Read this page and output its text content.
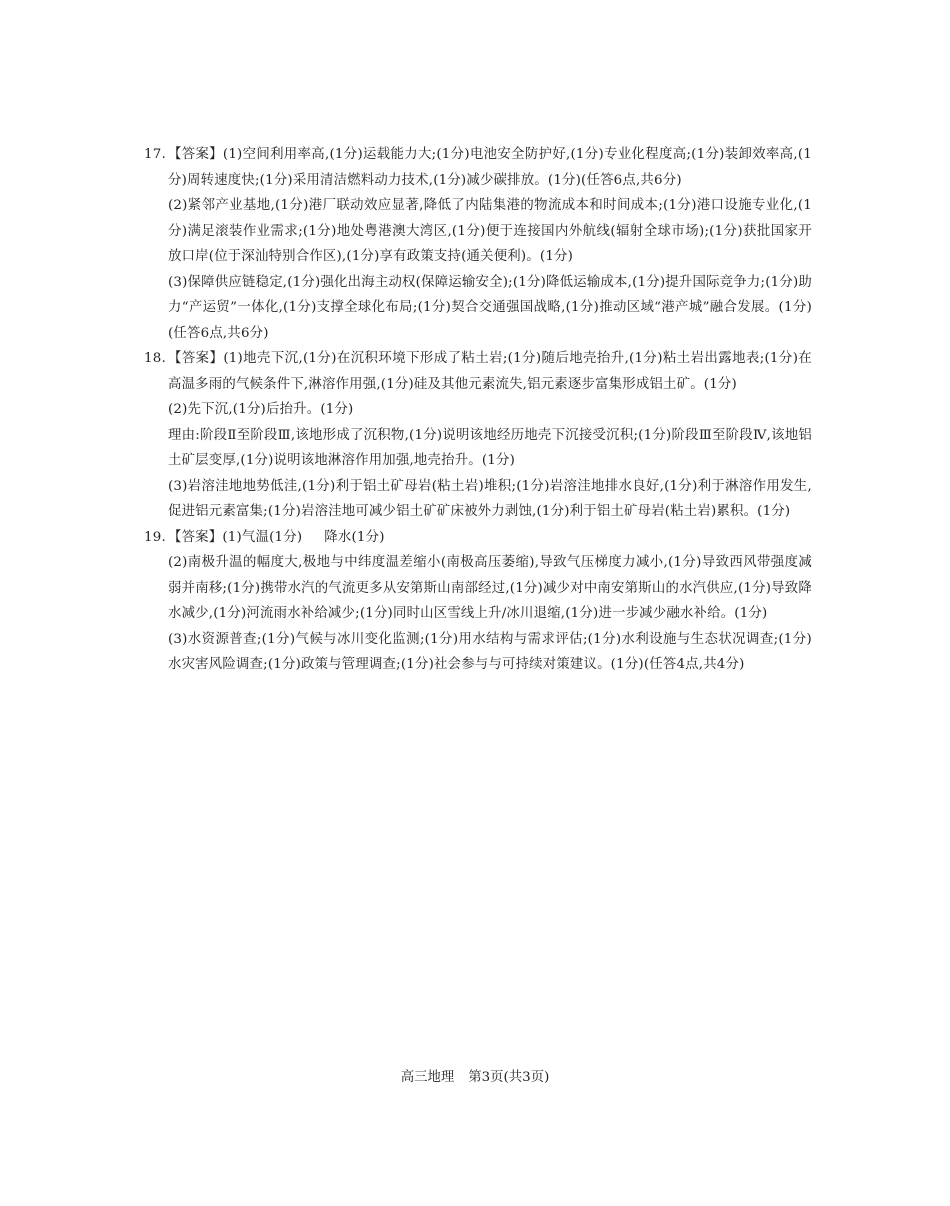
17. 【答案】(1)空间利用率高,(1分)运载能力大;(1分)电池安全防护好,(1分)专业化程度高;(1分)装卸效率高,(1分)周转速度快;(1分)采用清洁燃料动力技术,(1分)减少碳排放。(1分)(任答6点,共6分)
(2)紧邻产业基地,(1分)港厂联动效应显著,降低了内陆集港的物流成本和时间成本;(1分)港口设施专业化,(1分)满足滚装作业需求;(1分)地处粤港澳大湾区,(1分)便于连接国内外航线(辐射全球市场);(1分)获批国家开放口岸(位于深汕特别合作区),(1分)享有政策支持(通关便利)。(1分)
(3)保障供应链稳定,(1分)强化出海主动权(保障运输安全);(1分)降低运输成本,(1分)提升国际竞争力;(1分)助力“产运贸”一体化,(1分)支撑全球化布局;(1分)契合交通强国战略,(1分)推动区域“港产城”融合发展。(1分)(任答6点,共6分)
18. 【答案】(1)地壳下沉,(1分)在沉积环境下形成了粘土岩;(1分)随后地壳抬升,(1分)粘土岩出露地表;(1分)在高温多雨的气候条件下,淋溶作用强,(1分)硅及其他元素流失,铝元素逐步富集形成铝土矿。(1分)
(2)先下沉,(1分)后抬升。(1分)
理由:阶段Ⅱ至阶段Ⅲ,该地形成了沉积物,(1分)说明该地经历地壳下沉接受沉积;(1分)阶段Ⅲ至阶段Ⅳ,该地铝土矿层变厚,(1分)说明该地淋溶作用加强,地壳抬升。(1分)
(3)岩溶洼地地势低洼,(1分)利于铝土矿母岩(粘土岩)堆积;(1分)岩溶洼地排水良好,(1分)利于淋溶作用发生,促进铝元素富集;(1分)岩溶洼地可减少铝土矿矿床被外力剥蚀,(1分)利于铝土矿母岩(粘土岩)累积。(1分)
19. 【答案】(1)气温(1分) 降水(1分)
(2)南极升温的幅度大,极地与中纬度温差缩小(南极高压萎缩),导致气压梯度力减小,(1分)导致西风带强度减弱并南移;(1分)携带水汽的气流更多从安第斯山南部经过,(1分)减少对中南安第斯山的水汽供应,(1分)导致降水减少,(1分)河流雨水补给减少;(1分)同时山区雪线上升/冰川退缩,(1分)进一步减少融水补给。(1分)
(3)水资源普查;(1分)气候与冰川变化监测;(1分)用水结构与需求评估;(1分)水利设施与生态状况调查;(1分)水灾害风险调查;(1分)政策与管理调查;(1分)社会参与与可持续对策建议。(1分)(任答4点,共4分)
高三地理 第3页(共3页)
